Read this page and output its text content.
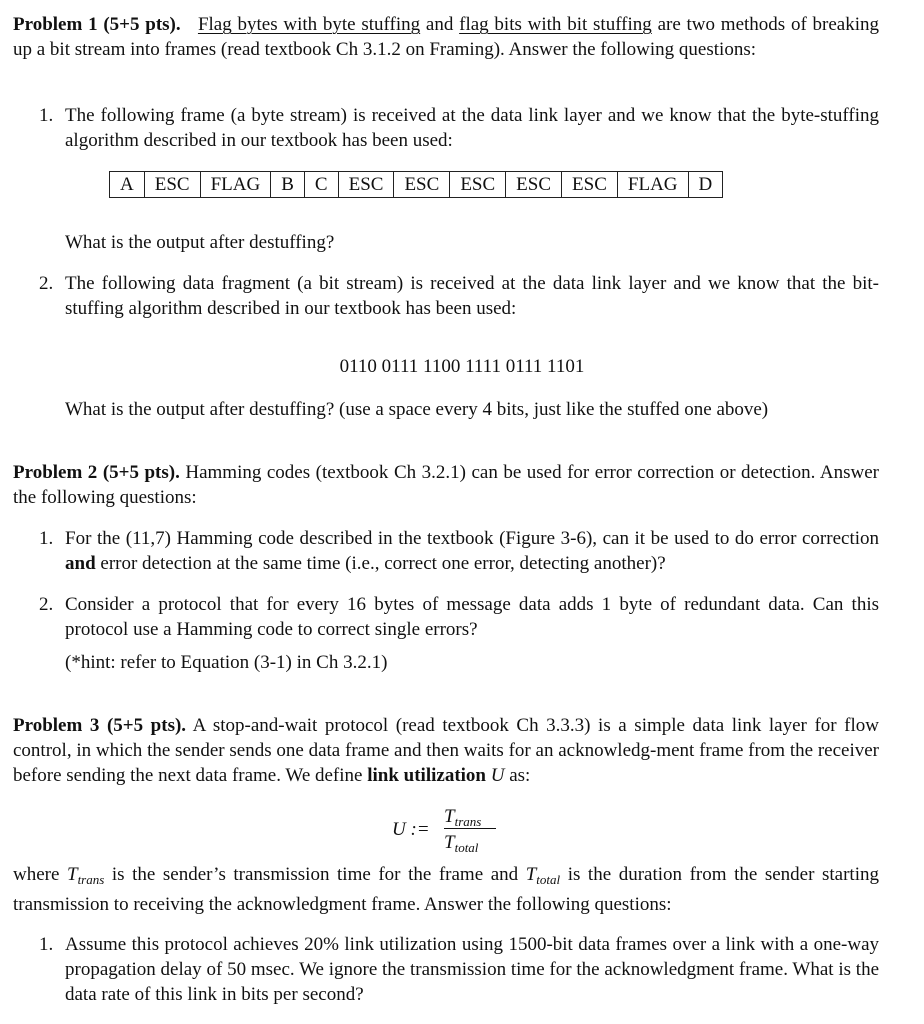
Problem 1 (5+5 pts). Flag bytes with byte stuffing and flag bits with bit stuffing are two methods of breaking up a bit stream into frames (read textbook Ch 3.1.2 on Framing). Answer the following questions:

1. The following frame (a byte stream) is received at the data link layer and we know that the byte-stuffing algorithm described in our textbook has been used:
A	ESC	FLAG	B	C	ESC	ESC	ESC	ESC	ESC	FLAG	D
What is the output after destuffing?
2. The following data fragment (a bit stream) is received at the data link layer and we know that the bit-stuffing algorithm described in our textbook has been used:
0110 0111 1100 1111 0111 1101
What is the output after destuffing? (use a space every 4 bits, just like the stuffed one above)

Problem 2 (5+5 pts). Hamming codes (textbook Ch 3.2.1) can be used for error correction or detection. Answer the following questions:

1. For the (11,7) Hamming code described in the textbook (Figure 3-6), can it be used to do error correction and error detection at the same time (i.e., correct one error, detecting another)?
2. Consider a protocol that for every 16 bytes of message data adds 1 byte of redundant data. Can this protocol use a Hamming code to correct single errors?
(*hint: refer to Equation (3-1) in Ch 3.2.1)

Problem 3 (5+5 pts). A stop-and-wait protocol (read textbook Ch 3.3.3) is a simple data link layer for flow control, in which the sender sends one data frame and then waits for an acknowledg-ment frame from the receiver before sending the next data frame. We define link utilization U as:

U :=
$T_{trans}$
$T_{total}$

where $T_{trans}$ is the sender’s transmission time for the frame and $T_{total}$ is the duration from the sender starting transmission to receiving the acknowledgment frame. Answer the following questions:

1. Assume this protocol achieves 20% link utilization using 1500-bit data frames over a link with a one-way propagation delay of 50 msec. We ignore the transmission time for the acknowledgment frame. What is the data rate of this link in bits per second?
